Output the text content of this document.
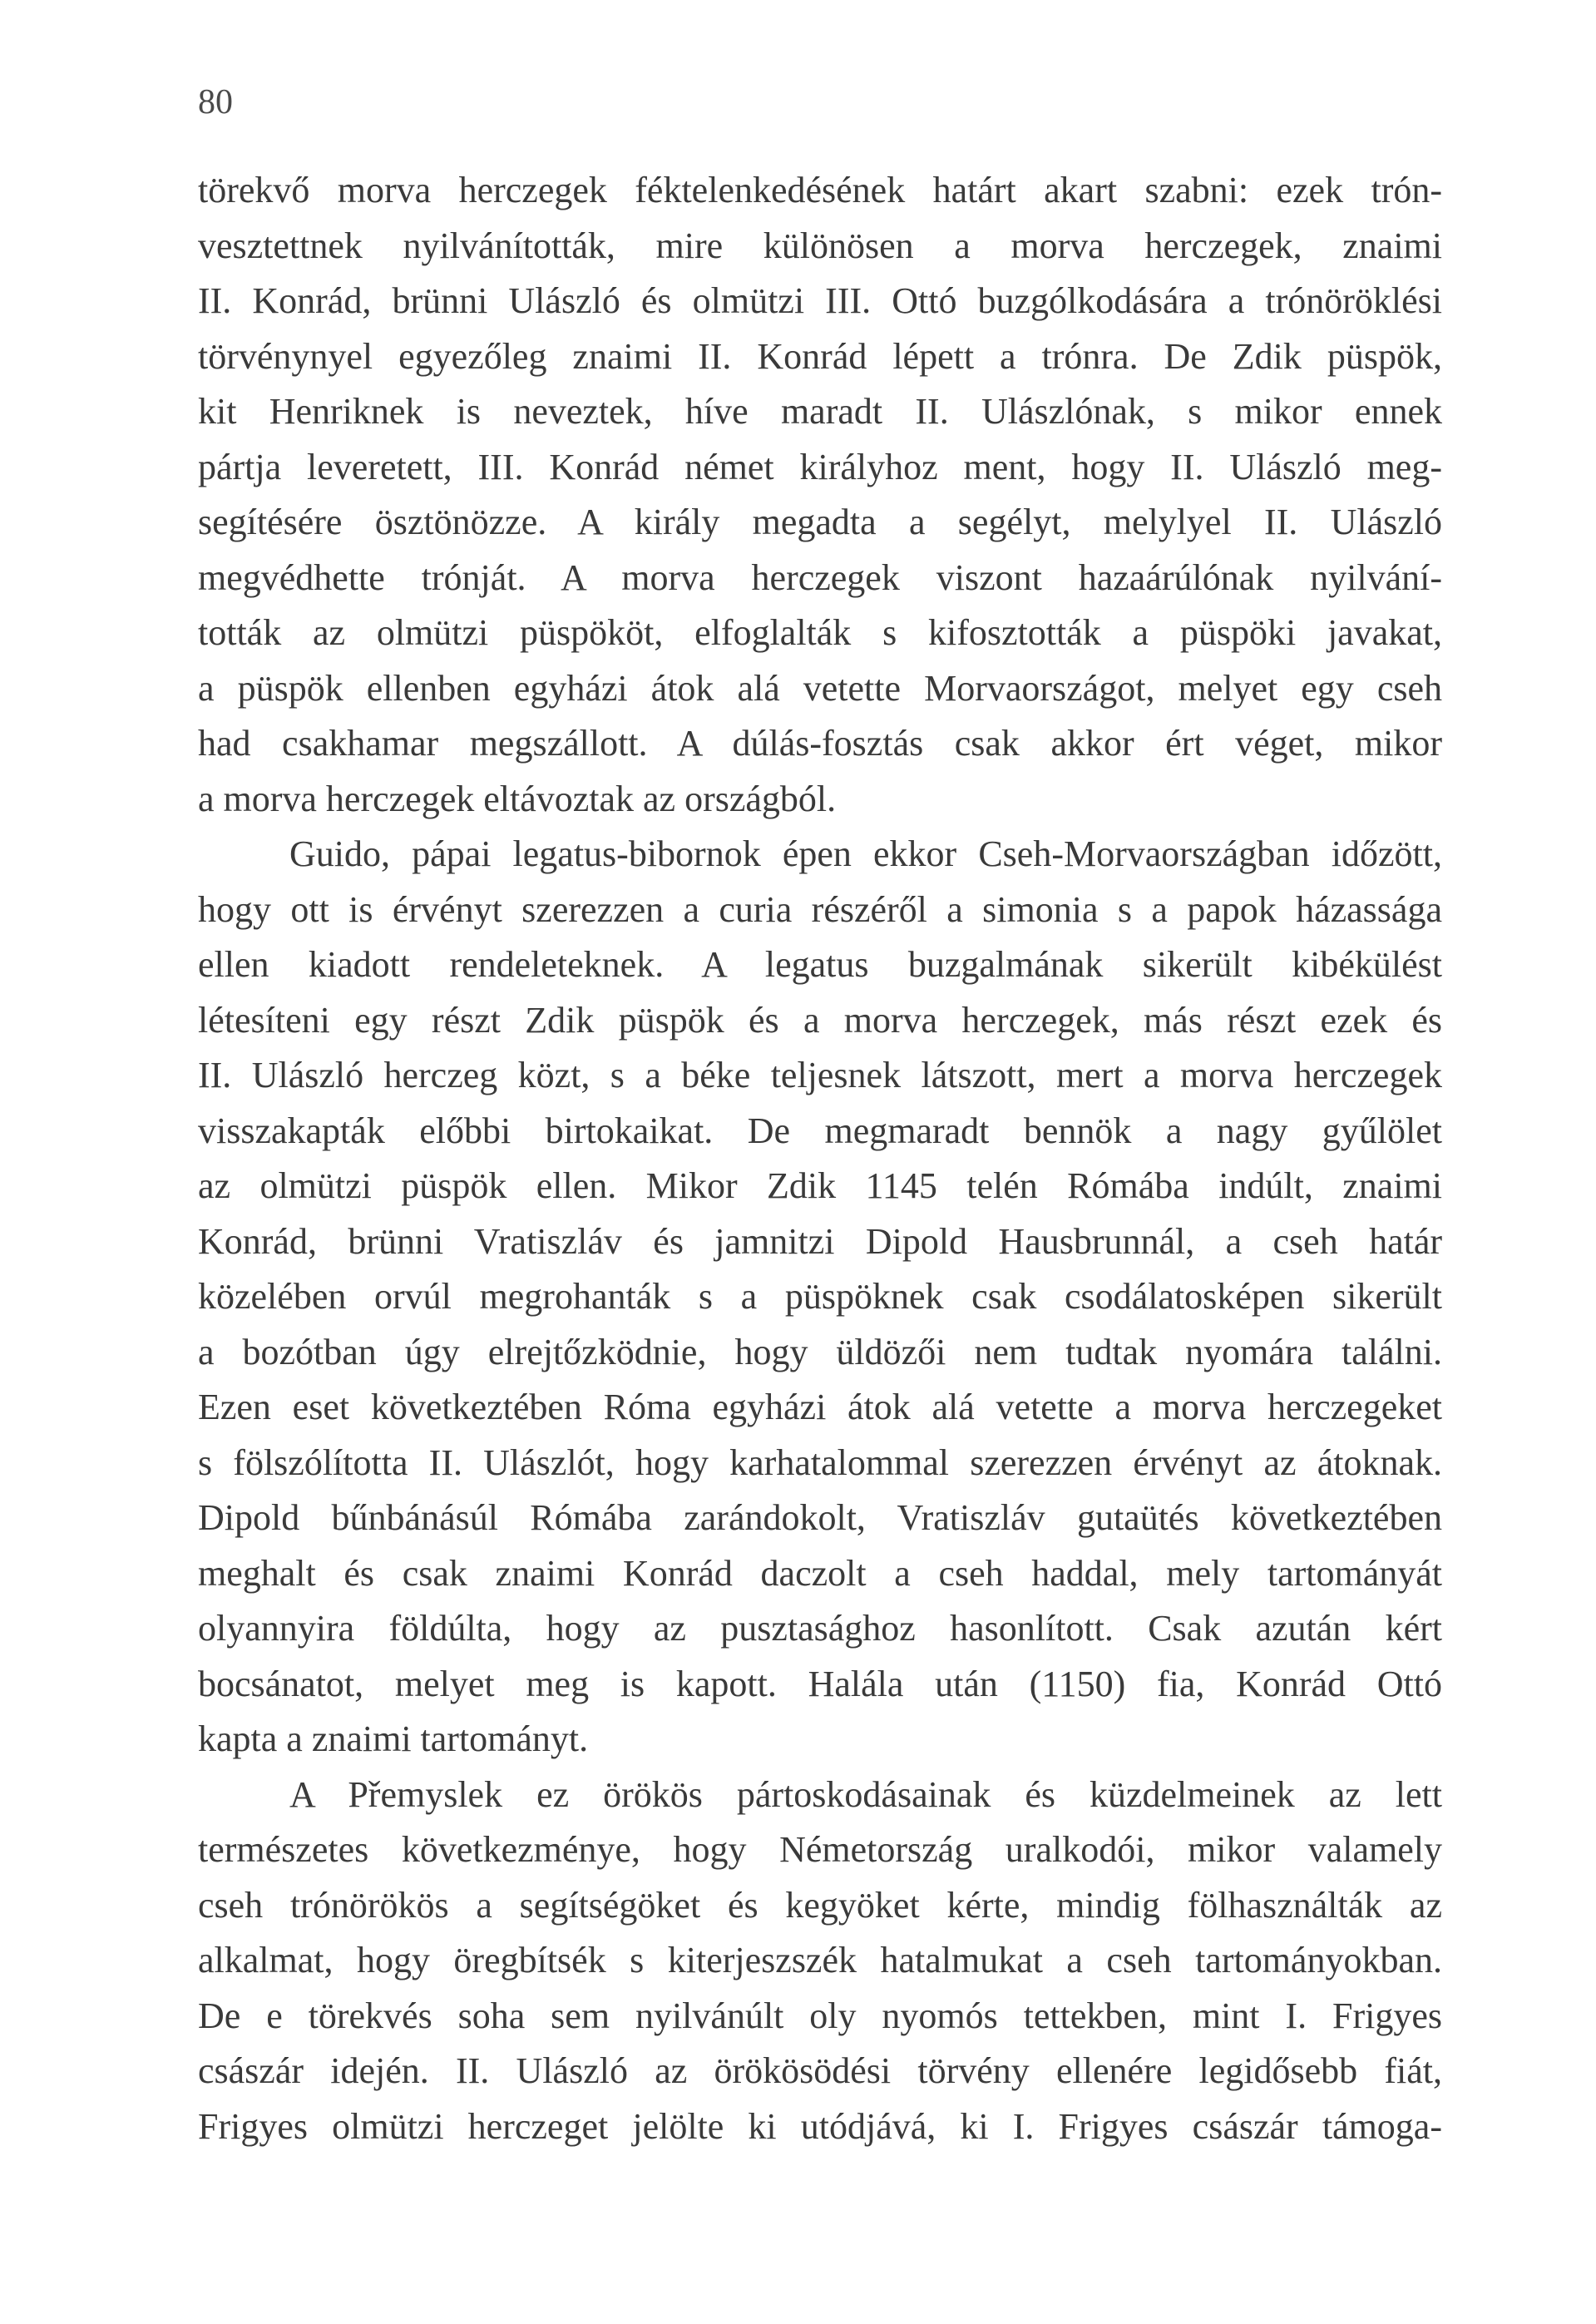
80
törekvő morva herczegek féktelenkedésének határt akart szabni: ezek trón-
vesztettnek nyilvánították, mire különösen a morva herczegek, znaimi
II. Konrád, brünni Ulászló és olmützi III. Ottó buzgólkodására a trónöröklési
törvénynyel egyezőleg znaimi II. Konrád lépett a trónra. De Zdik püspök,
kit Henriknek is neveztek, híve maradt II. Ulászlónak, s mikor ennek
pártja leveretett, III. Konrád német királyhoz ment, hogy II. Ulászló meg-
segítésére ösztönözze. A király megadta a segélyt, melylyel II. Ulászló
megvédhette trónját. A morva herczegek viszont hazaárúlónak nyilvání-
tották az olmützi püspököt, elfoglalták s kifosztották a püspöki javakat,
a püspök ellenben egyházi átok alá vetette Morvaországot, melyet egy cseh
had csakhamar megszállott. A dúlás-fosztás csak akkor ért véget, mikor
a morva herczegek eltávoztak az országból.
Guido, pápai legatus-bibornok épen ekkor Cseh-Morvaországban időzött,
hogy ott is érvényt szerezzen a curia részéről a simonia s a papok házassága
ellen kiadott rendeleteknek. A legatus buzgalmának sikerült kibékülést
létesíteni egy részt Zdik püspök és a morva herczegek, más részt ezek és
II. Ulászló herczeg közt, s a béke teljesnek látszott, mert a morva herczegek
visszakapták előbbi birtokaikat. De megmaradt bennök a nagy gyűlölet
az olmützi püspök ellen. Mikor Zdik 1145 telén Rómába indúlt, znaimi
Konrád, brünni Vratiszláv és jamnitzi Dipold Hausbrunnál, a cseh határ
közelében orvúl megrohanták s a püspöknek csak csodálatosképen sikerült
a bozótban úgy elrejtőzködnie, hogy üldözői nem tudtak nyomára találni.
Ezen eset következtében Róma egyházi átok alá vetette a morva herczegeket
s fölszólította II. Ulászlót, hogy karhatalommal szerezzen érvényt az átoknak.
Dipold bűnbánásúl Rómába zarándokolt, Vratiszláv gutaütés következtében
meghalt és csak znaimi Konrád daczolt a cseh haddal, mely tartományát
olyannyira földúlta, hogy az pusztasághoz hasonlított. Csak azután kért
bocsánatot, melyet meg is kapott. Halála után (1150) fia, Konrád Ottó
kapta a znaimi tartományt.
A Přemyslek ez örökös pártoskodásainak és küzdelmeinek az lett
természetes következménye, hogy Németország uralkodói, mikor valamely
cseh trónörökös a segítségöket és kegyöket kérte, mindig fölhasználták az
alkalmat, hogy öregbítsék s kiterjeszszék hatalmukat a cseh tartományokban.
De e törekvés soha sem nyilvánúlt oly nyomós tettekben, mint I. Frigyes
császár idején. II. Ulászló az örökösödési törvény ellenére legidősebb fiát,
Frigyes olmützi herczeget jelölte ki utódjává, ki I. Frigyes császár támoga-
